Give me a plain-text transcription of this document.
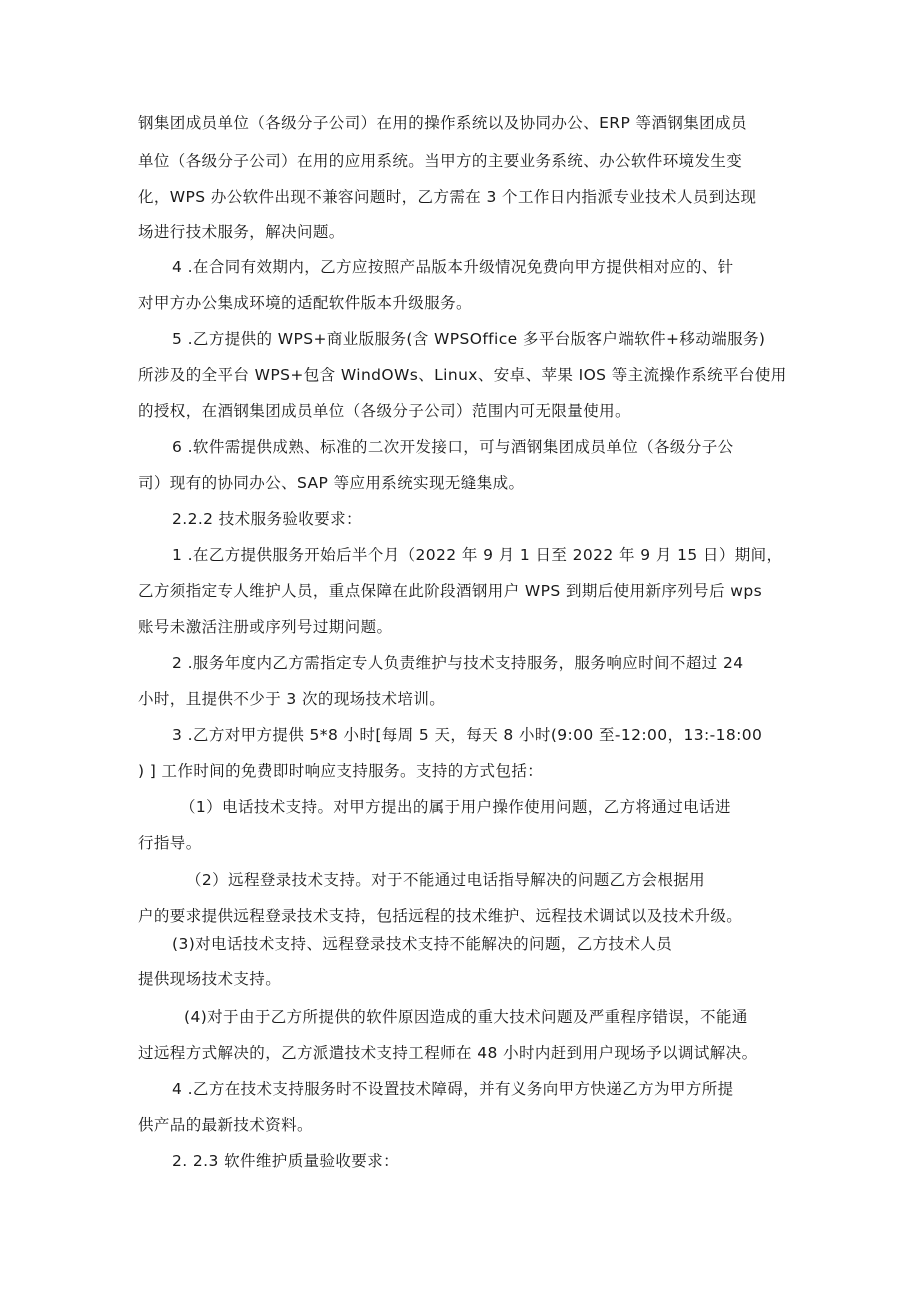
钢集团成员单位（各级分子公司）在用的操作系统以及协同办公、ERP 等酒钢集团成员
单位（各级分子公司）在用的应用系统。当甲方的主要业务系统、办公软件环境发生变
化，WPS 办公软件出现不兼容问题时，乙方需在 3 个工作日内指派专业技术人员到达现
场进行技术服务，解决问题。
4 .在合同有效期内，乙方应按照产品版本升级情况免费向甲方提供相对应的、针
对甲方办公集成环境的适配软件版本升级服务。
5 .乙方提供的 WPS+商业版服务(含 WPSOffice 多平台版客户端软件+移动端服务)
所涉及的全平台 WPS+包含 WindOWs、Linux、安卓、苹果 IOS 等主流操作系统平台使用
的授权，在酒钢集团成员单位（各级分子公司）范围内可无限量使用。
6 .软件需提供成熟、标准的二次开发接口，可与酒钢集团成员单位（各级分子公
司）现有的协同办公、SAP 等应用系统实现无缝集成。
2.2.2 技术服务验收要求：
1 .在乙方提供服务开始后半个月（2022 年 9 月 1 日至 2022 年 9 月 15 日）期间，
乙方须指定专人维护人员，重点保障在此阶段酒钢用户 WPS 到期后使用新序列号后 wps
账号未激活注册或序列号过期问题。
2 .服务年度内乙方需指定专人负责维护与技术支持服务，服务响应时间不超过 24
小时，且提供不少于 3 次的现场技术培训。
3 .乙方对甲方提供 5*8 小时[每周 5 天，每天 8 小时(9:00 至-12:00，13:-18:00
) ] 工作时间的免费即时响应支持服务。支持的方式包括：
（1）电话技术支持。对甲方提出的属于用户操作使用问题，乙方将通过电话进
行指导。
（2）远程登录技术支持。对于不能通过电话指导解决的问题乙方会根据用
户的要求提供远程登录技术支持，包括远程的技术维护、远程技术调试以及技术升级。
(3)对电话技术支持、远程登录技术支持不能解决的问题，乙方技术人员
提供现场技术支持。
(4)对于由于乙方所提供的软件原因造成的重大技术问题及严重程序错误，不能通
过远程方式解决的，乙方派遣技术支持工程师在 48 小时内赶到用户现场予以调试解决。
4 .乙方在技术支持服务时不设置技术障碍，并有义务向甲方快递乙方为甲方所提
供产品的最新技术资料。
2. 2.3 软件维护质量验收要求：
